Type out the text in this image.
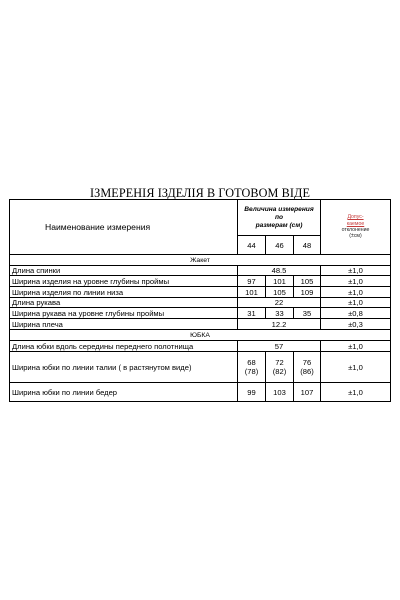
ІЗМЕРЕНІЯ ІЗДЕЛІЯ В ГОТОВОМ ВІДЕ
Наименование измерения	Величина измерения по
размерам (см)			Допус-
каемое
отклонение
(±см)

	44	46	48	
Жакет				
Длина спинки	48.5			±1,0
Ширина изделия на уровне глубины проймы	97	101	105	±1,0
Ширина изделия по линии низа	101	105	109	±1,0
Длина рукава	22			±1,0
Ширина рукава на уровне глубины проймы	31	33	35	±0,8
Ширина плеча	12.2			±0,3
ЮБКА				
Длина юбки вдоль середины переднего полотнища	57			±1,0
Ширина юбки по линии талии ( в растянутом виде)	68
(78)	72
(82)	76
(86)	±1,0
Ширина юбки по линии бедер	99	103	107	±1,0
